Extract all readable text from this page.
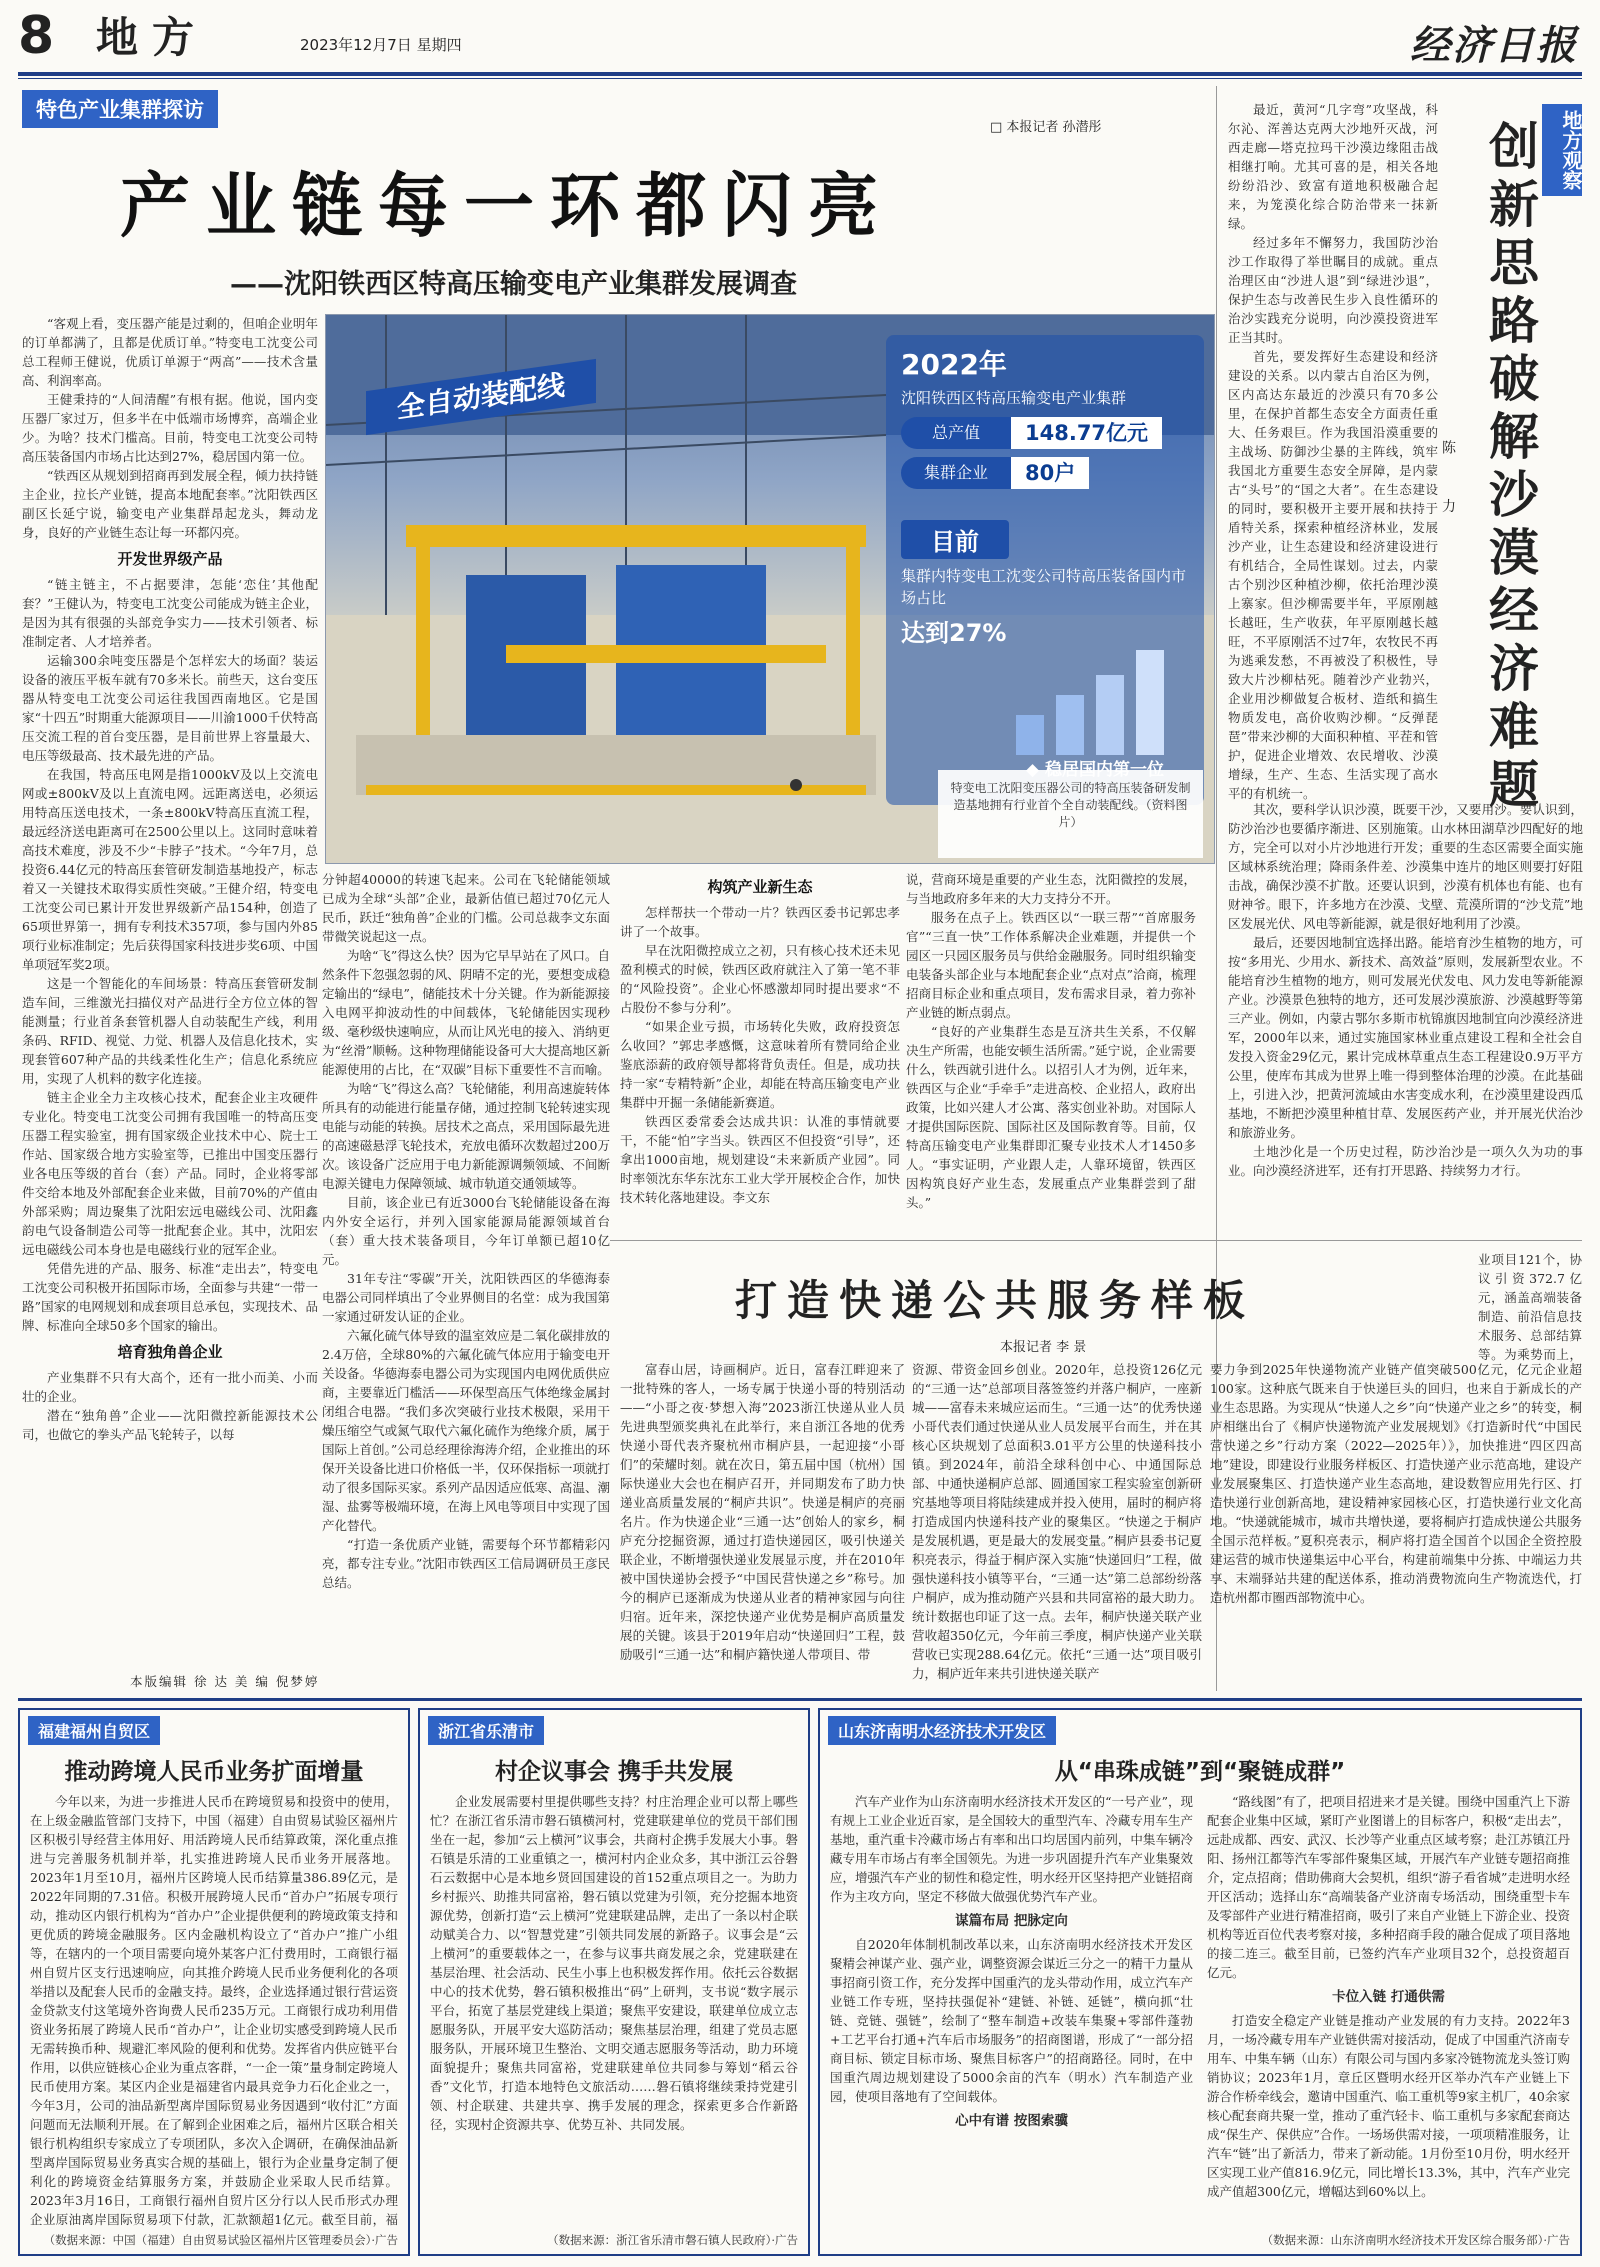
8 地方	2023年12月7日 星期四	经济日报
特色产业集群探访
□ 本报记者 孙潜彤
产业链每一环都闪亮
——沈阳铁西区特高压输变电产业集群发展调查
全自动装配线
2022年
沈阳铁西区特高压输变电产业集群
总产值	148.77亿元
集群企业	80户
目前
集群内特变电工沈变公司特高压装备国内市场占比
达到27%
特变电工沈阳变压器公司的特高压装备研发制造基地拥有行业首个全自动装配线。（资料图片）

“客观上看，变压器产能是过剩的，但咱企业明年的订单都满了，且都是优质订单。”特变电工沈变公司总工程师王健说，优质订单源于“两高”——技术含量高、利润率高。

王健秉持的“人间清醒”有根有据。他说，国内变压器厂家过万，但多半在中低端市场博弈，高端企业少。为啥？技术门槛高。目前，特变电工沈变公司特高压装备国内市场占比达到27%，稳居国内第一位。

“铁西区从规划到招商再到发展全程，倾力扶持链主企业，拉长产业链，提高本地配套率。”沈阳铁西区副区长延宁说，输变电产业集群昂起龙头，舞动龙身，良好的产业链生态让每一环都闪亮。

开发世界级产品

“链主链主，不占据要津，怎能‘恋住’其他配套？”王健认为，特变电工沈变公司能成为链主企业，是因为其有很强的头部竞争实力——技术引领者、标准制定者、人才培养者。

运输300余吨变压器是个怎样宏大的场面？装运设备的液压平板车就有70多米长。前些天，这台变压器从特变电工沈变公司运往我国西南地区。它是国家“十四五”时期重大能源项目——川渝1000千伏特高压交流工程的首台变压器，是目前世界上容量最大、电压等级最高、技术最先进的产品。

在我国，特高压电网是指1000kV及以上交流电网或±800kV及以上直流电网。远距离送电，必须运用特高压送电技术，一条±800kV特高压直流工程，最远经济送电距离可在2500公里以上。这同时意味着高技术难度，涉及不少“卡脖子”技术。“今年7月，总投资6.44亿元的特高压套管研发制造基地投产，标志着又一关键技术取得实质性突破。”王健介绍，特变电工沈变公司已累计开发世界级新产品154种，创造了65项世界第一，拥有专利技术357项，参与国内外85项行业标准制定；先后获得国家科技进步奖6项、中国单项冠军奖2项。

这是一个智能化的车间场景：特高压套管研发制造车间，三维激光扫描仪对产品进行全方位立体的智能测量；行业首条套管机器人自动装配生产线，利用条码、RFID、视觉、力觉、机器人及信息化技术，实现套管607种产品的共线柔性化生产；信息化系统应用，实现了人机料的数字化连接。

链主企业全力主攻核心技术，配套企业主攻硬件专业化。特变电工沈变公司拥有我国唯一的特高压变压器工程实验室，拥有国家级企业技术中心、院士工作站、国家级合地方实验室等，已推出中国变压器行业各电压等级的首台（套）产品。同时，企业将零部件交给本地及外部配套企业来做，目前70%的产值由外部采购；周边聚集了沈阳宏远电磁线公司、沈阳鑫韵电气设备制造公司等一批配套企业。其中，沈阳宏远电磁线公司本身也是电磁线行业的冠军企业。

凭借先进的产品、服务、标准“走出去”，特变电工沈变公司积极开拓国际市场，全面参与共建“一带一路”国家的电网规划和成套项目总承包，实现技术、品牌、标准向全球50多个国家的输出。

培育独角兽企业

产业集群不只有大高个，还有一批小而美、小而壮的企业。

潜在“独角兽”企业——沈阳微控新能源技术公司，也做它的拳头产品飞轮转子，以每

分钟超40000的转速飞起来。公司在飞轮储能领域已成为全球“头部”企业，最新估值已超过70亿元人民币，跃迁“独角兽”企业的门槛。公司总裁李文东面带微笑说起这一点。

为啥“飞”得这么快？因为它早早站在了风口。自然条件下忽强忽弱的风、阴晴不定的光，要想变成稳定输出的“绿电”，储能技术十分关键。作为新能源接入电网平抑波动性的中间载体，飞轮储能因实现秒级、毫秒级快速响应，从而让风光电的接入、消纳更为“丝滑”顺畅。这种物理储能设备可大大提高地区新能源使用的占比，在“双碳”目标下重要性不言而喻。

为啥“飞”得这么高？飞轮储能，利用高速旋转体所具有的动能进行能量存储，通过控制飞轮转速实现电能与动能的转换。居技术之高点，采用国际最先进的高速磁悬浮飞轮技术，充放电循环次数超过200万次。该设备广泛应用于电力新能源调频领域、不间断电源关键电力保障领域、城市轨道交通领域等。

目前，该企业已有近3000台飞轮储能设备在海内外安全运行，并列入国家能源局能源领域首台（套）重大技术装备项目，今年订单额已超10亿元。

31年专注“零碳”开关，沈阳铁西区的华德海泰电器公司同样填出了令业界侧目的名堂：成为我国第一家通过研发认证的企业。

六氟化硫气体导致的温室效应是二氧化碳排放的2.4万倍，全球80%的六氟化硫气体应用于输变电开关设备。华德海泰电器公司为实现国内电网优质供应商，主要靠近门槛活——环保型高压气体绝缘金属封闭组合电器。“我们多次突破行业技术极限，采用干燥压缩空气或氮气取代六氟化硫作为绝缘介质，属于国际上首创。”公司总经理徐海涛介绍，企业推出的环保开关设备比进口价格低一半，仅环保指标一项就打动了很多国际买家。系列产品因适应低寒、高温、潮湿、盐雾等极端环境，在海上风电等项目中实现了国产化替代。

“打造一条优质产业链，需要每个环节都精彩闪亮，都专注专业。”沈阳市铁西区工信局调研员王彦民总结。

构筑产业新生态

怎样帮扶一个带动一片？铁西区委书记郭忠孝讲了一个故事。

早在沈阳微控成立之初，只有核心技术还未见盈利模式的时候，铁西区政府就注入了第一笔不菲的“风险投资”。企业心怀感激却同时提出要求“不占股份不参与分利”。

“如果企业亏损，市场转化失败，政府投资怎么收回？”郭忠孝感慨，这意味着所有赞同给企业鉴底添薪的政府领导都将背负责任。但是，成功扶持一家“专精特新”企业，却能在特高压输变电产业集群中开掘一条储能新赛道。

铁西区委常委会达成共识：认准的事情就要干，不能“怕”字当头。铁西区不但投资“引导”，还拿出1000亩地，规划建设“未来新质产业园”。同时率领沈东华东沈东工业大学开展校企合作，加快技术转化落地建设。李文东

说，营商环境是重要的产业生态，沈阳微控的发展，与当地政府多年来的大力支持分不开。

服务在点子上。铁西区以“一联三帮”“首席服务官”“三直一快”工作体系解决企业难题，并提供一个园区一只园区服务员与供给金融服务。同时组织输变电装备头部企业与本地配套企业“点对点”洽商，梳理招商目标企业和重点项目，发布需求目录，着力弥补产业链的断点弱点。

“良好的产业集群生态是互济共生关系，不仅解决生产所需，也能安顿生活所需。”延宁说，企业需要什么，铁西就引进什么。以招引人才为例，近年来，铁西区与企业“手牵手”走进高校、企业招人，政府出政策，比如兴建人才公寓、落实创业补助。对国际人才提供国际医院、国际社区及国际教育等。目前，仅特高压输变电产业集群即汇聚专业技术人才1450多人。“事实证明，产业跟人走，人靠环境留，铁西区因构筑良好产业生态，发展重点产业集群尝到了甜头。”

本版编辑 徐 达 美 编 倪梦婷
地方观察
创新思路破解沙漠经济难题
陈 力

最近，黄河“几字弯”攻坚战，科尔沁、浑善达克两大沙地歼灭战，河西走廊—塔克拉玛干沙漠边缘阻击战相继打响。尤其可喜的是，相关各地纷纷沿沙、致富有道地积极融合起来，为笼漠化综合防治带来一抹新绿。

经过多年不懈努力，我国防沙治沙工作取得了举世瞩目的成就。重点治理区由“沙进人退”到“绿进沙退”，保护生态与改善民生步入良性循环的治沙实践充分说明，向沙漠投资进军正当其时。

首先，要发挥好生态建设和经济建设的关系。以内蒙古自治区为例，区内高达东最近的沙漠只有70多公里，在保护首都生态安全方面责任重大、任务艰巨。作为我国沿漠重要的主战场、防御沙尘暴的主阵线，筑牢我国北方重要生态安全屏障，是内蒙古“头号”的“国之大者”。在生态建设的同时，要积极开主要开展和扶持于盾特关系，探索种植经济林业，发展沙产业，让生态建设和经济建设进行有机结合，全局性谋划。过去，内蒙古个别沙区种植沙柳，依托治理沙漠上寨家。但沙柳需要半年，平原刚越长越旺，生产收获，年平原刚越长越旺，不平原刚活不过7年，农牧民不再为逃乘发愁，不再被没了积极性，导致大片沙柳枯死。随着沙产业勃兴，企业用沙柳做复合板材、造纸和搞生物质发电，高价收购沙柳。“反弹琵琶”带来沙柳的大面积种植、平茬和管护，促进企业增效、农民增收、沙漠增绿，生产、生态、生活实现了高水平的有机统一。

其次，要科学认识沙漠，既要干沙，又要用沙。要认识到，防沙治沙也要循序渐进、区别施策。山水林田湖草沙四配好的地方，完全可以对小片沙地进行开发；重要的生态区需要全面实施区域林系统治理；降雨条件差、沙漠集中连片的地区则要打好阻击战，确保沙漠不扩散。还要认识到，沙漠有机体也有能、也有财神爷。眼下，许多地方在沙漠、戈壁、荒漠所谓的“沙戈荒”地区发展光伏、风电等新能源，就是很好地利用了沙漠。

最后，还要因地制宜选择出路。能培育沙生植物的地方，可按“多用光、少用水、新技术、高效益”原则，发展新型农业。不能培育沙生植物的地方，则可发展光伏发电、风力发电等新能源产业。沙漠景色独特的地方，还可发展沙漠旅游、沙漠越野等第三产业。例如，内蒙古鄂尔多斯市杭锦旗因地制宜向沙漠经济进军，2000年以来，通过实施国家林业重点建设工程和全社会自发投入资金29亿元，累计完成林草重点生态工程建设0.9万平方公里，使库布其成为世界上唯一得到整体治理的沙漠。在此基础上，引进入沙，把黄河流域由水害变成水利，在沙漠里建设西瓜基地，不断把沙漠里种植甘草、发展医药产业，并开展光伏治沙和旅游业务。

土地沙化是一个历史过程，防沙治沙是一项久久为功的事业。向沙漠经济进军，还有打开思路、持续努力才行。

打造快递公共服务样板
本报记者 李 景
业项目121个，协议引资372.7亿元，涵盖高端装备制造、前沿信息技术服务、总部结算等。为乘势而上，

富春山居，诗画桐庐。近日，富春江畔迎来了一批特殊的客人，一场专属于快递小哥的特别活动——“小哥之夜·梦想入海”2023浙江快递从业人员先进典型颁奖典礼在此举行，来自浙江各地的优秀快递小哥代表齐聚杭州市桐庐县，一起迎接“小哥们”的荣耀时刻。就在次日，第五届中国（杭州）国际快递业大会也在桐庐召开，并同期发布了助力快递业高质量发展的“桐庐共识”。快递是桐庐的亮丽名片。作为快递企业“三通一达”创始人的家乡，桐庐充分挖掘资源，通过打造快递园区，吸引快递关联企业，不断增强快递业发展显示度，并在2010年被中国快递协会授予“中国民营快递之乡”称号。加今的桐庐已逐渐成为快递从业者的精神家园与向往归宿。近年来，深挖快递产业优势是桐庐高质量发展的关键。该县于2019年启动“快递回归”工程，鼓励吸引“三通一达”和桐庐籍快递人带项目、带

资源、带资金回乡创业。2020年，总投资126亿元的“三通一达”总部项目落签签约并落户桐庐，一座新城——富春未来城应运而生。“三通一达”的优秀快递小哥代表们通过快递从业人员发展平台而生，并在其核心区块规划了总面积3.01平方公里的快递科技小镇。到2024年，前沿全球科创中心、中通国际总部、中通快递桐庐总部、圆通国家工程实验室创新研究基地等项目将陆续建成并投入使用，届时的桐庐将打造成国内快递科技产业的聚集区。“快递之于桐庐是发展机遇，更是最大的发展变量。”桐庐县委书记夏积亮表示，得益于桐庐深入实施“快递回归”工程，做强快递科技小镇等平台，“三通一达”第二总部纷纷落户桐庐，成为推动随产兴县和共同富裕的最大助力。统计数据也印证了这一点。去年，桐庐快递关联产业营收超350亿元，今年前三季度，桐庐快递产业关联营收已实现288.64亿元。依托“三通一达”项目吸引力，桐庐近年来共引进快递关联产

要力争到2025年快递物流产业链产值突破500亿元，亿元企业超100家。这种底气既来自于快递巨头的回归，也来自于新成长的产业生态思路。为实现从“快递人之乡”向“快递产业之乡”的转变，桐庐相继出台了《桐庐快递物流产业发展规划》《打造新时代“中国民营快递之乡”行动方案（2022—2025年）》，加快推进“四区四高地”建设，即建设行业服务样板区、打造快递产业示范高地，建设产业发展聚集区、打造快递产业生态高地，建设数智应用先行区、打造快递行业创新高地，建设精神家园核心区，打造快递行业文化高地。“快递就能城市，城市共增快递，要将桐庐打造成快递公共服务全国示范样板。”夏积亮表示，桐庐将打造全国首个以国企全资控股建运营的城市快递集运中心平台，构建前端集中分拣、中端运力共享、末端驿站共建的配送体系，推动消费物流向生产物流迭代，打造杭州都市圈西部物流中心。

福建福州自贸区
推动跨境人民币业务扩面增量

今年以来，为进一步推进人民币在跨境贸易和投资中的使用，在上级金融监管部门支持下，中国（福建）自由贸易试验区福州片区积极引导经营主体用好、用活跨境人民币结算政策，深化重点推进与完善服务机制并举，扎实推进跨境人民币业务开展落地。2023年1月至10月，福州片区跨境人民币结算量386.89亿元，是2022年同期的7.31倍。积极开展跨境人民币“首办户”拓展专项行动，推动区内银行机构为“首办户”企业提供便利的跨境政策支持和更优质的跨境金融服务。区内金融机构设立了“首办户”推广小组等，在辖内的一个项目需要向境外某客户汇付费用时，工商银行福州自贸片区支行迅速响应，向其推介跨境人民币业务便利化的各项举措以及配套人民币的金融支持。最终，企业选择通过银行营运资金贷款支付这笔境外咨询费人民币235万元。工商银行成功利用借资业务拓展了跨境人民币“首办户”，让企业切实感受到跨境人民币无需转换币种、规避汇率风险的便利和优势。发挥省内供应链平台作用，以供应链核心企业为重点客群，“一企一策”量身制定跨境人民币使用方案。某区内企业是福建省内最具竞争力石化企业之一，今年3月，公司的油品新型离岸国际贸易业务因遇到“收付汇”方面问题而无法顺利开展。在了解到企业困难之后，福州片区联合相关银行机构组织专家成立了专项团队，多次入企调研，在确保油品新型离岸国际贸易业务真实合规的基础上，银行为企业量身定制了便利化的跨境资金结算服务方案，并鼓励企业采取人民币结算。2023年3月16日，工商银行福州自贸片区分行以人民币形式办理企业原油离岸国际贸易项下付款，汇款额超1亿元。截至目前，福

（数据来源：中国（福建）自由贸易试验区福州片区管理委员会）·广告
浙江省乐清市
村企议事会 携手共发展

企业发展需要村里提供哪些支持？村庄治理企业可以帮上哪些忙？在浙江省乐清市磐石镇横河村，党建联建单位的党员干部们围坐在一起，参加“云上横河”议事会，共商村企携手发展大小事。磐石镇是乐清的工业重镇之一，横河村内企业众多，其中浙江云谷磐石云数据中心是本地乡贤回国建设的首152重点项目之一。为助力乡村振兴、助推共同富裕，磐石镇以党建为引领，充分挖掘本地资源优势，创新打造“云上横河”党建联建品牌，走出了一条以村企联动赋美合力、以“智慧党建”引领共同发展的新路子。议事会是“云上横河”的重要载体之一，在参与议事共商发展之余，党建联建在基层治理、社会活动、民生小事上也积极发挥作用。依托云谷数据中心的技术优势，磐石镇积极推出“码”上研判，支书说“数字展示平台，拓宽了基层党建线上渠道；聚焦平安建设，联建单位成立志愿服务队，开展平安大巡防活动；聚焦基层治理，组建了党员志愿服务队，开展环境卫生整治、文明交通志愿服务等活动，助力环境面貌提升；聚焦共同富裕，党建联建单位共同参与筹划“稻云谷香”文化节，打造本地特色文旅活动……磐石镇将继续秉持党建引领、村企联建、共建共享、携手发展的理念，探索更多合作新路径，实现村企资源共享、优势互补、共同发展。

（数据来源：浙江省乐清市磐石镇人民政府）·广告
山东济南明水经济技术开发区
从“串珠成链”到“聚链成群”

汽车产业作为山东济南明水经济技术开发区的“一号产业”，现有规上工业企业近百家，是全国较大的重型汽车、冷藏专用车生产基地，重汽重卡冷藏市场占有率和出口均居国内前列，中集车辆冷藏专用车市场占有率全国领先。为进一步巩固提升汽车产业集聚效应，增强汽车产业的韧性和稳定性，明水经开区坚持把产业链招商作为主攻方向，坚定不移做大做强优势汽车产业。

谋篇布局 把脉定向

自2020年体制机制改革以来，山东济南明水经济技术开发区聚精会神谋产业、强产业，调整资源会谋近三分之一的精干力量从事招商引资工作，充分发挥中国重汽的龙头带动作用，成立汽车产业链工作专班，坚持扶强促补“建链、补链、延链”，横向抓“壮链、竞链、强链”，绘制了“整车制造+改装车集聚+零部件蓬勃+工艺平台打通+汽车后市场服务”的招商图谱，形成了“一部分招商目标、锁定目标市场、聚焦目标客户”的招商路径。同时，在中国重汽周边规划建设了5000余亩的汽车（明水）汽车制造产业园，使项目落地有了空间载体。

心中有谱 按图索骥

“路线图”有了，把项目招进来才是关键。围绕中国重汽上下游配套企业集中区域，紧盯产业图谱上的目标客户，积极“走出去”，远赴成都、西安、武汉、长沙等产业重点区域考察；赴江苏镇江丹阳、扬州江都等汽车零部件聚集区域，开展汽车产业链专题招商推介，定点招商；借助佛商大会契机，组织“游子看省城”走进明水经开区活动；选择山东“高端装备产业济南专场活动，围绕重型卡车及零部件产业进行精准招商，吸引了来自产业链上下游企业、投资机构等近百位代表考察对接，多种招商手段的融合促成了项目落地的接二连三。截至目前，已签约汽车产业项目32个，总投资超百亿元。

卡位入链 打通供需

打造安全稳定产业链是推动产业发展的有力支持。2022年3月，一场冷藏专用车产业链供需对接活动，促成了中国重汽济南专用车、中集车辆（山东）有限公司与国内多家冷链物流龙头签订购销协议；2023年1月，章丘区暨明水经开区举办汽车产业链上下游合作桥牵线会，邀请中国重汽、临工重机等9家主机厂，40余家核心配套商共聚一堂，推动了重汽轻卡、临工重机与多家配套商达成“保生产、保供应”合作。一场场供需对接，一项项精准服务，让汽车“链”出了新活力，带来了新动能。1月份至10月份，明水经开区实现工业产值816.9亿元，同比增长13.3%，其中，汽车产业完成产值超300亿元，增幅达到60%以上。

（数据来源：山东济南明水经济技术开发区综合服务部）·广告
